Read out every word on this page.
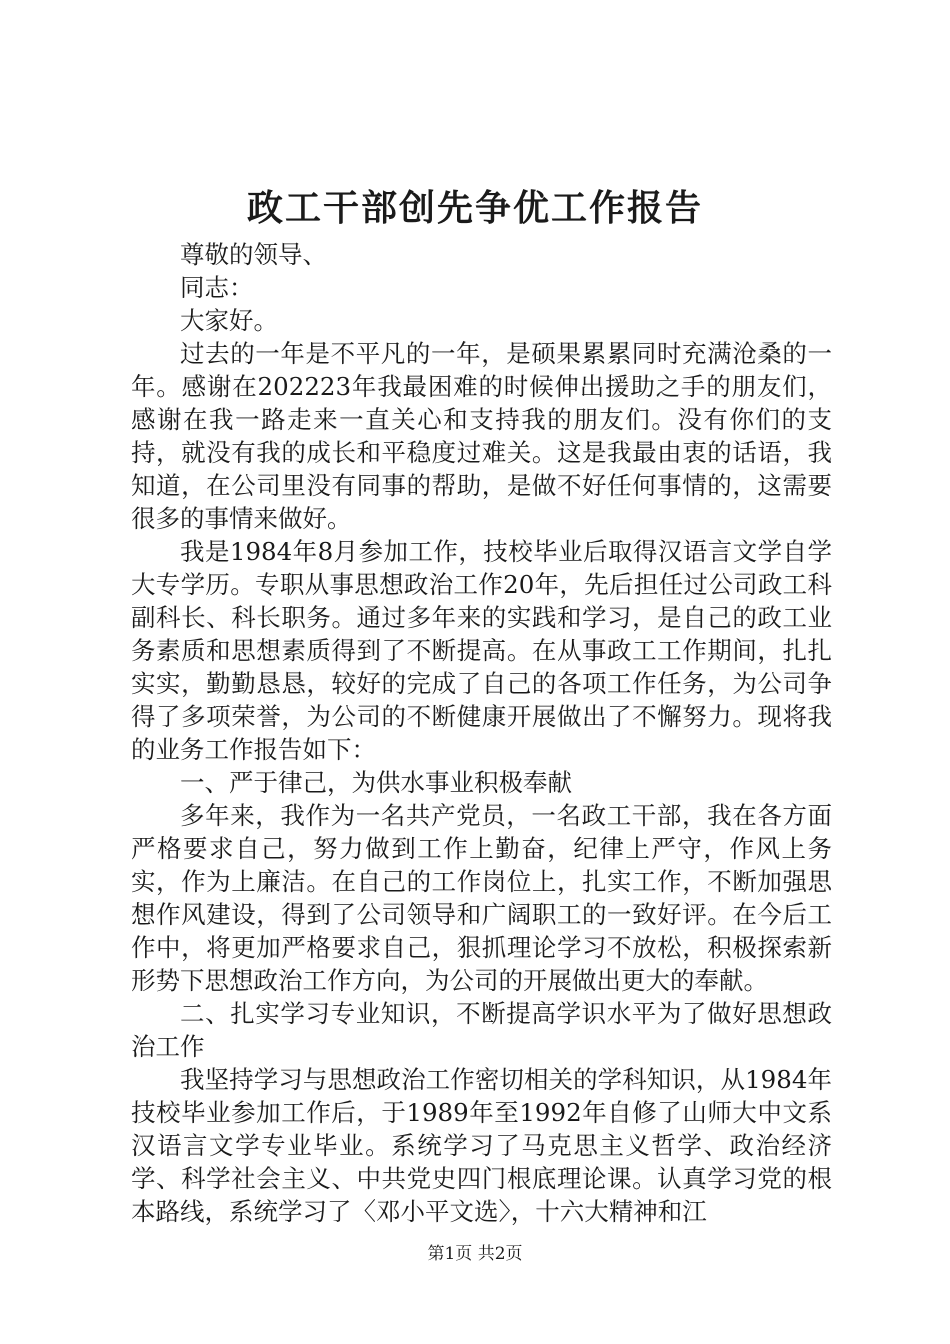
政工干部创先争优工作报告

尊敬的领导、

同志：

大家好。

过去的一年是不平凡的一年，是硕果累累同时充满沧桑的一年。感谢在202223年我最困难的时候伸出援助之手的朋友们，感谢在我一路走来一直关心和支持我的朋友们。没有你们的支持，就没有我的成长和平稳度过难关。这是我最由衷的话语，我知道，在公司里没有同事的帮助，是做不好任何事情的，这需要很多的事情来做好。

我是1984年8月参加工作，技校毕业后取得汉语言文学自学大专学历。专职从事思想政治工作20年，先后担任过公司政工科副科长、科长职务。通过多年来的实践和学习，是自己的政工业务素质和思想素质得到了不断提高。在从事政工工作期间，扎扎实实，勤勤恳恳，较好的完成了自己的各项工作任务，为公司争得了多项荣誉，为公司的不断健康开展做出了不懈努力。现将我的业务工作报告如下：

一、严于律己，为供水事业积极奉献

多年来，我作为一名共产党员，一名政工干部，我在各方面严格要求自己，努力做到工作上勤奋，纪律上严守，作风上务实，作为上廉洁。在自己的工作岗位上，扎实工作，不断加强思想作风建设，得到了公司领导和广阔职工的一致好评。在今后工作中，将更加严格要求自己，狠抓理论学习不放松，积极探索新形势下思想政治工作方向，为公司的开展做出更大的奉献。

二、扎实学习专业知识，不断提高学识水平为了做好思想政治工作

我坚持学习与思想政治工作密切相关的学科知识，从1984年技校毕业参加工作后，于1989年至1992年自修了山师大中文系汉语言文学专业毕业。系统学习了马克思主义哲学、政治经济学、科学社会主义、中共党史四门根底理论课。认真学习党的根本路线，系统学习了〈邓小平文选〉，十六大精神和江

第1页 共2页
